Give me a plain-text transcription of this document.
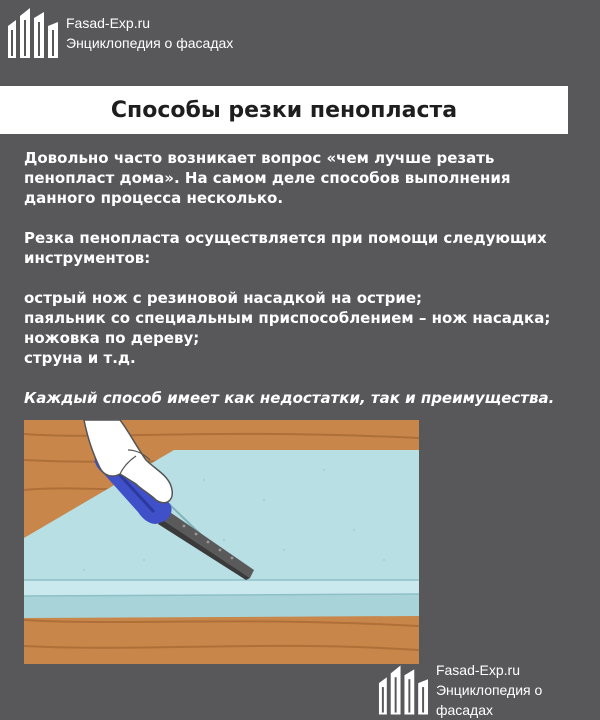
Fasad-Exp.ru
Энциклопедия о фасадах
Способы резки пенопласта

Довольно часто возникает вопрос «чем лучше резать пенопласт дома». На самом деле способов выполнения данного процесса несколько.

Резка пенопласта осуществляется при помощи следующих инструментов:

острый нож с резиновой насадкой на острие;
паяльник со специальным приспособлением – нож насадка;
ножовка по дереву;
струна и т.д.

Каждый способ имеет как недостатки, так и преимущества.

Fasad-Exp.ru
Энциклопедия о фасадах
